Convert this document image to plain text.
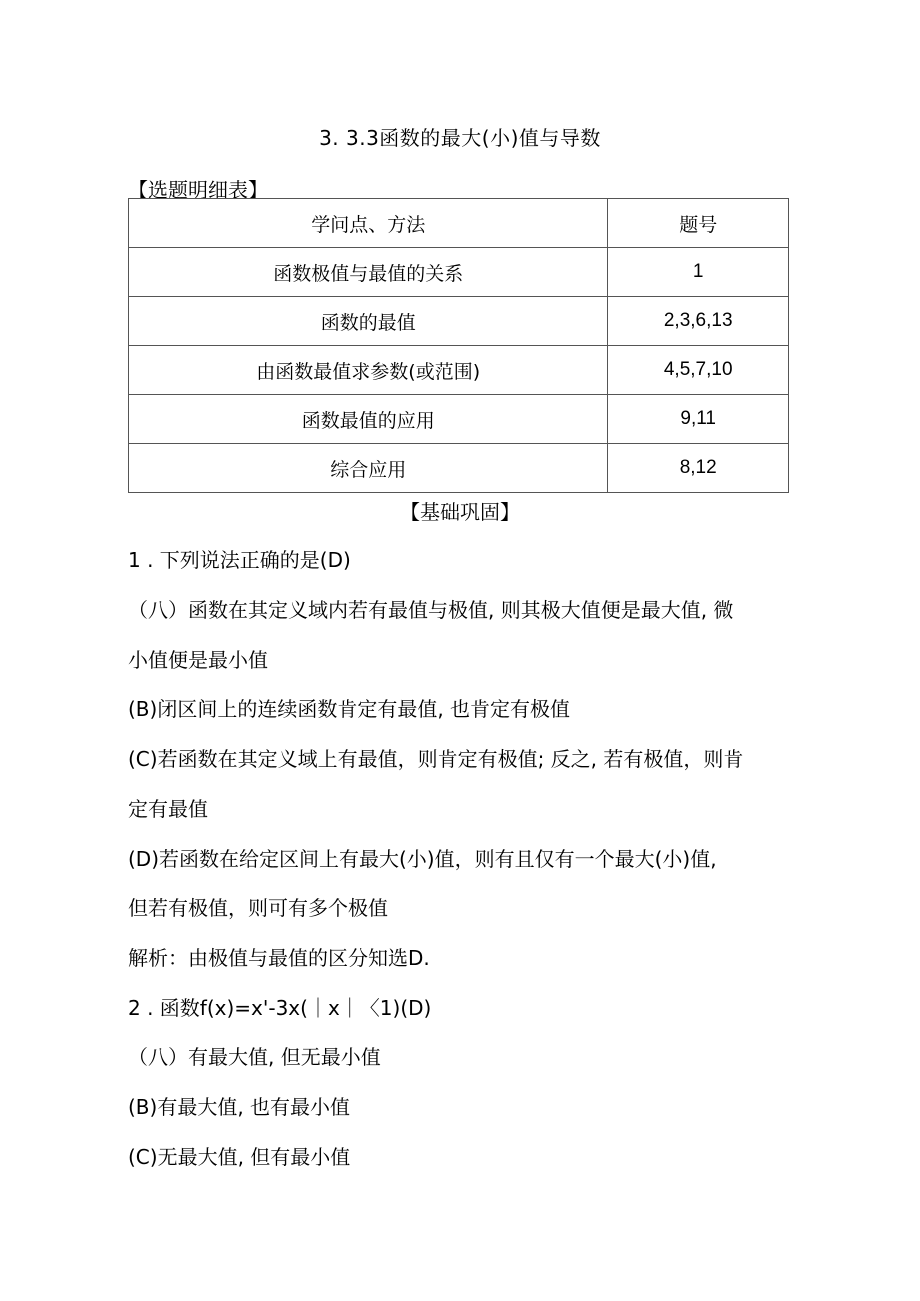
3. 3.3函数的最大(小)值与导数
【选题明细表】
学问点、方法	题号
函数极值与最值的关系	1
函数的最值	2,3,6,13
由函数最值求参数(或范围)	4,5,7,10
函数最值的应用	9,11
综合应用	8,12
【基础巩固】
1 . 下列说法正确的是(D)
（八）函数在其定义域内若有最值与极值, 则其极大值便是最大值, 微
小值便是最小值
(B)闭区间上的连续函数肯定有最值, 也肯定有极值
(C)若函数在其定义域上有最值，则肯定有极值; 反之, 若有极值，则肯
定有最值
(D)若函数在给定区间上有最大(小)值，则有且仅有一个最大(小)值,
但若有极值，则可有多个极值
解析：由极值与最值的区分知选D.
2 . 函数f(x)=x'-3x(｜x｜〈1)(D)
（八）有最大值, 但无最小值
(B)有最大值, 也有最小值
(C)无最大值, 但有最小值
